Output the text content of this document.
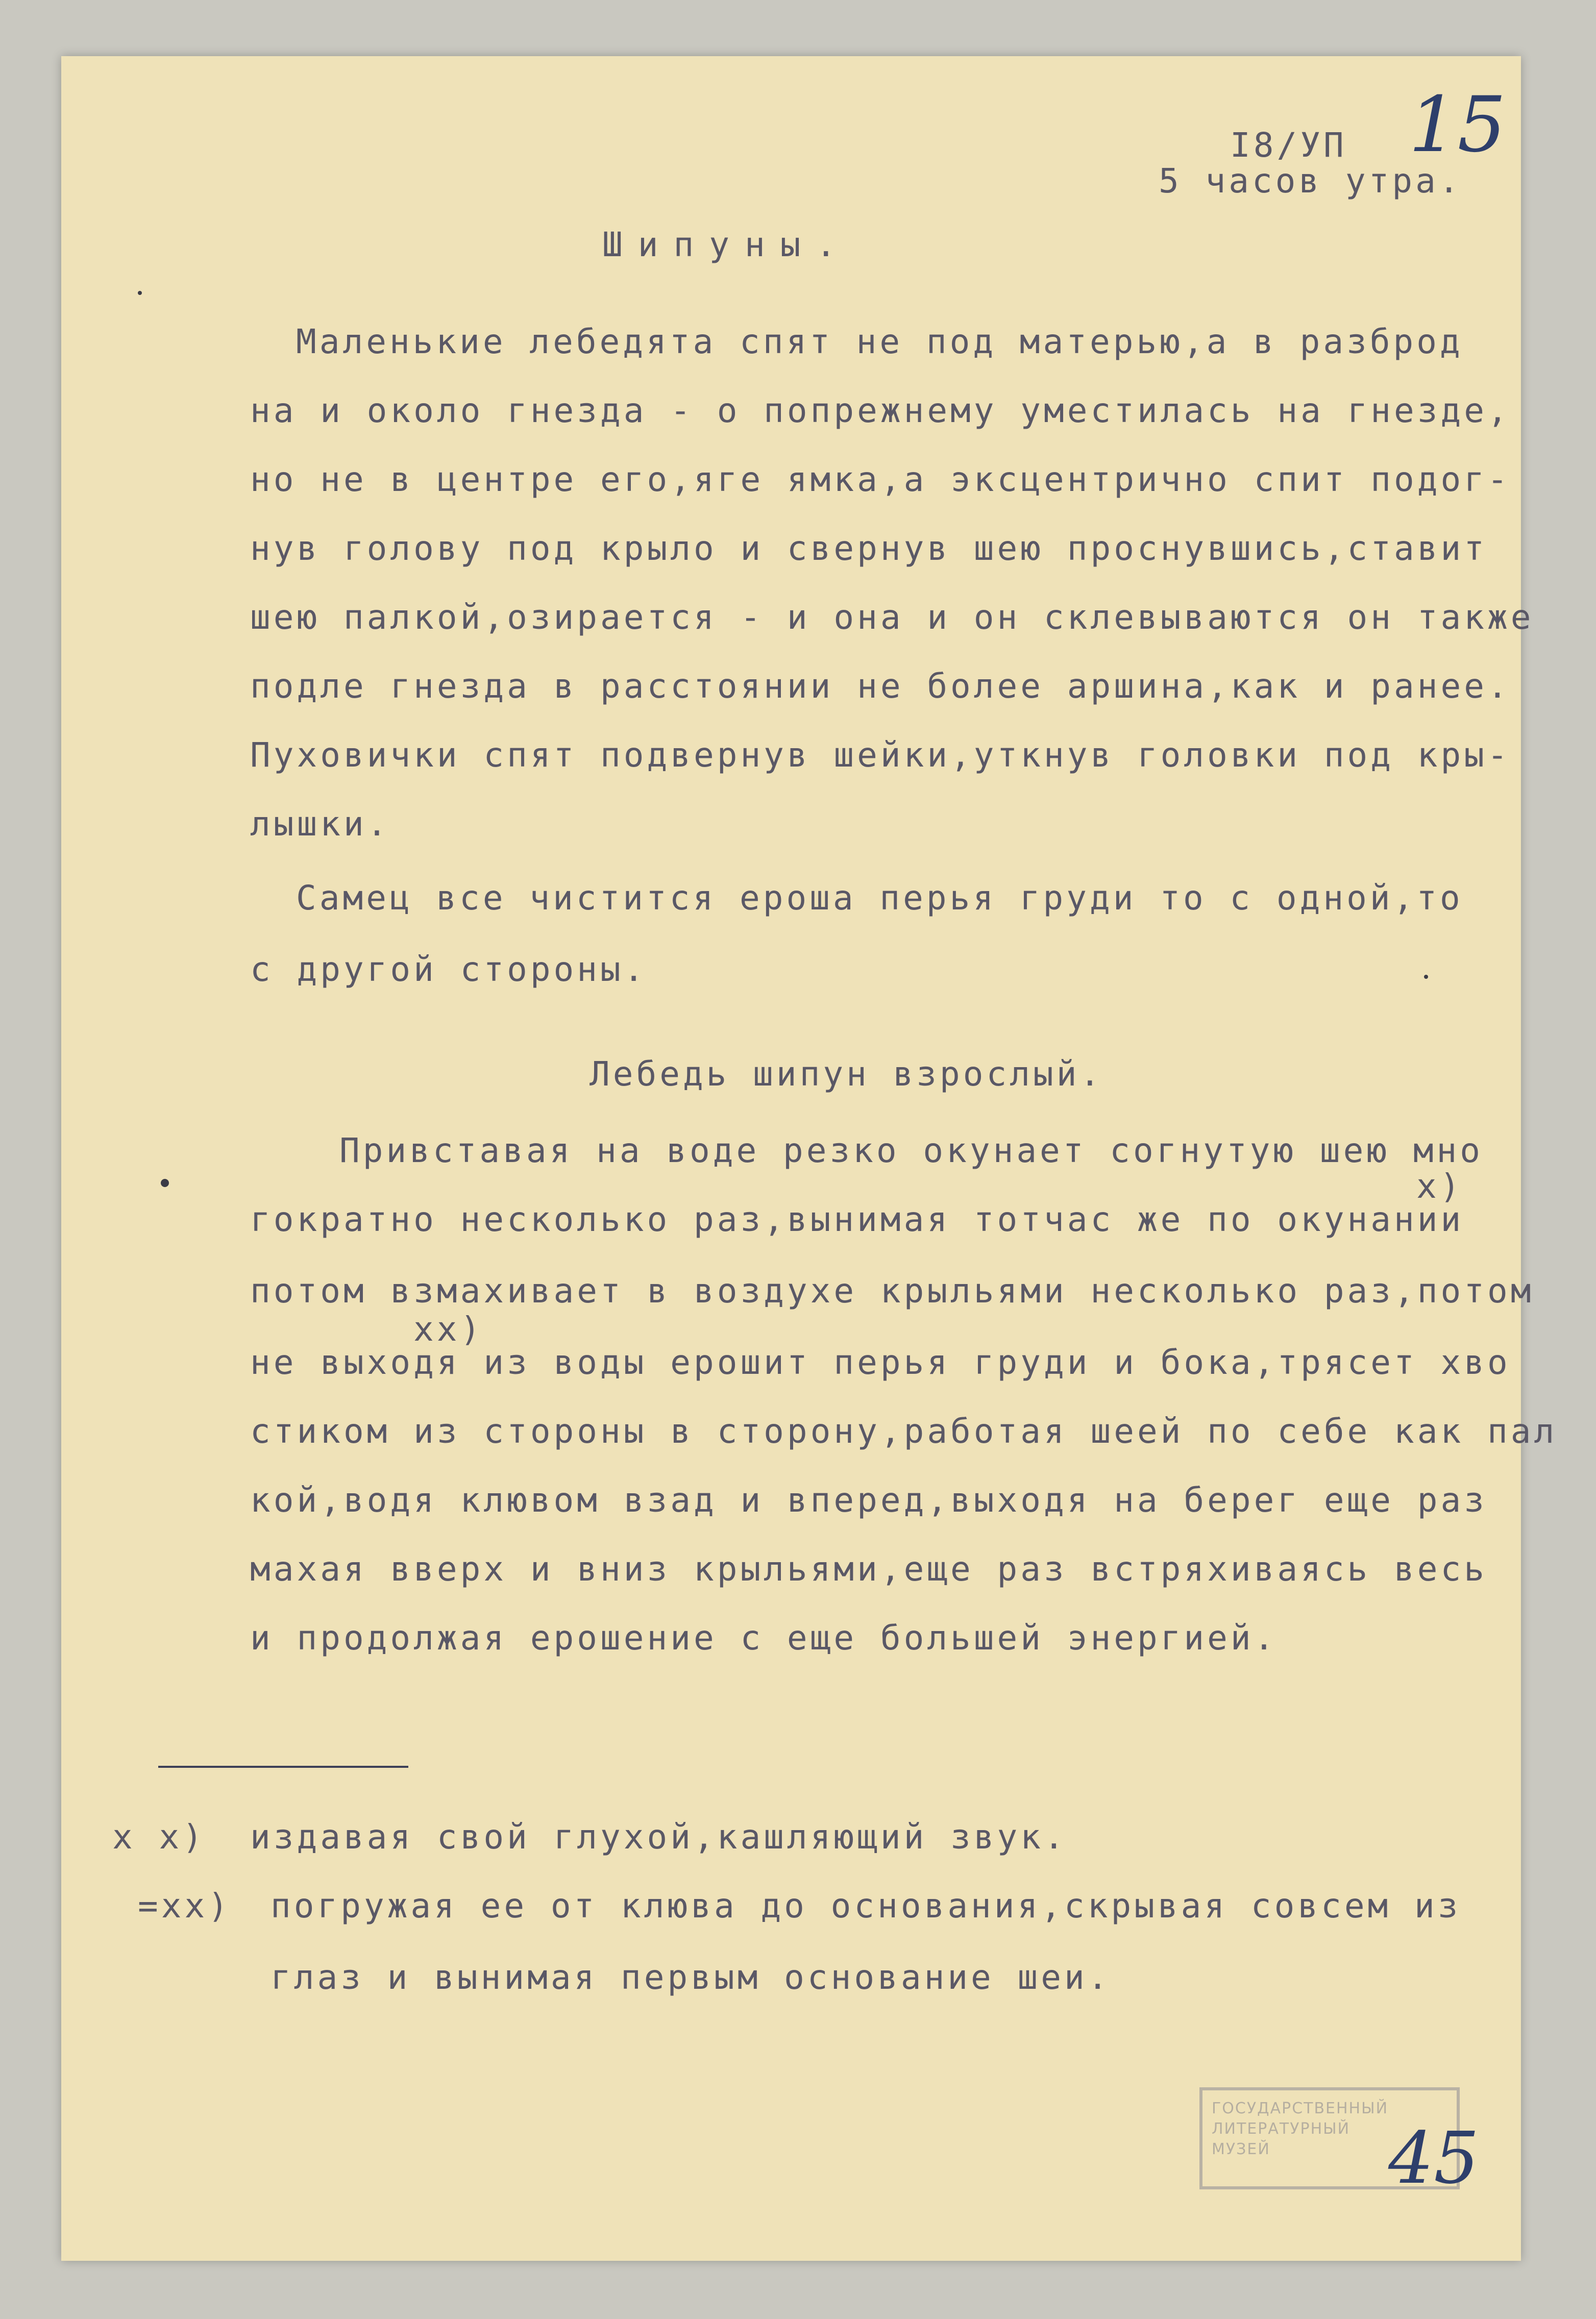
I8/УП
5 часов утра.
15
Шипуны.
Маленькие лебедята спят не под матерью,а в разброд
на и около гнезда - о попрежнему уместилась на гнезде,
но не в центре его,яге ямка,а эксцентрично спит подог-
нув голову под крыло и свернув шею проснувшись,ставит
шею палкой,озирается - и она и он склевываются он также
подле гнезда в расстоянии не более аршина,как и ранее.
Пуховички спят подвернув шейки,уткнув головки под кры-
лышки.
Самец все чистится ероша перья груди то с одной,то
с другой стороны.
Лебедь шипун взрослый.
Привставая на воде резко окунает согнутую шею мно
x)
гократно несколько раз,вынимая тотчас же по окунании
потом взмахивает в воздухе крыльями несколько раз,потом
xx)
не выходя из воды ерошит перья груди и бока,трясет хво
стиком из стороны в сторону,работая шеей по себе как пал
кой,водя клювом взад и вперед,выходя на берег еще раз
махая вверх и вниз крыльями,еще раз встряхиваясь весь
и продолжая ерошение с еще большей энергией.
x x) издавая свой глухой,кашляющий звук.
=xx) погружая ее от клюва до основания,скрывая совсем из
глаз и вынимая первым основание шеи.
ГОСУДАРСТВЕННЫЙ
ЛИТЕРАТУРНЫЙ
МУЗЕЙ	45
